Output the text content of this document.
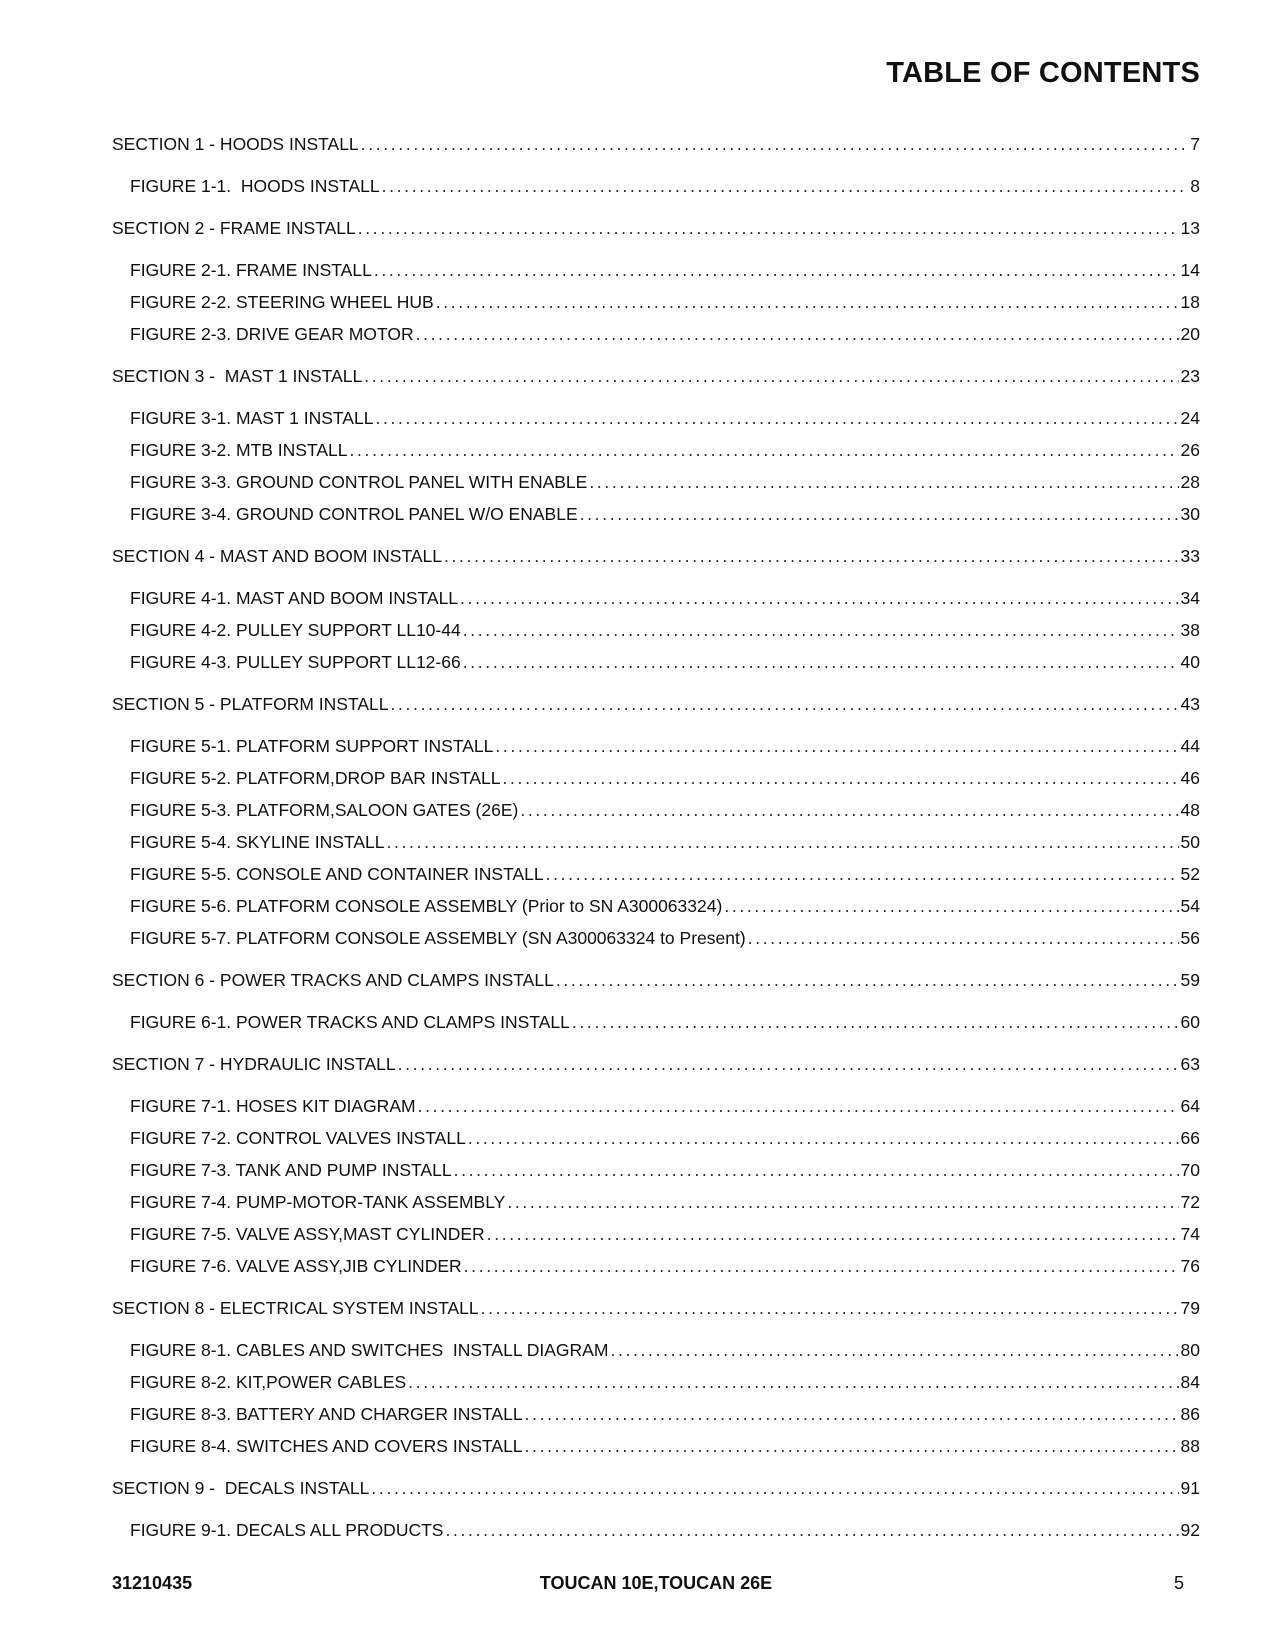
TABLE OF CONTENTS
SECTION 1 - HOODS INSTALL . . .	7
FIGURE 1-1.  HOODS INSTALL . . .	8
SECTION 2 - FRAME INSTALL . . .	13
FIGURE 2-1. FRAME INSTALL . . .	14
FIGURE 2-2. STEERING WHEEL HUB . . .	18
FIGURE 2-3. DRIVE GEAR MOTOR . . .	20
SECTION 3 -  MAST 1 INSTALL . . .	23
FIGURE 3-1. MAST 1 INSTALL . . .	24
FIGURE 3-2. MTB INSTALL . . .	26
FIGURE 3-3. GROUND CONTROL PANEL WITH ENABLE . . .	28
FIGURE 3-4. GROUND CONTROL PANEL W/O ENABLE . . .	30
SECTION 4 - MAST AND BOOM INSTALL . . .	33
FIGURE 4-1. MAST AND BOOM INSTALL . . .	34
FIGURE 4-2. PULLEY SUPPORT LL10-44 . . .	38
FIGURE 4-3. PULLEY SUPPORT LL12-66 . . .	40
SECTION 5 - PLATFORM INSTALL . . .	43
FIGURE 5-1. PLATFORM SUPPORT INSTALL . . .	44
FIGURE 5-2. PLATFORM,DROP BAR INSTALL . . .	46
FIGURE 5-3. PLATFORM,SALOON GATES (26E) . . .	48
FIGURE 5-4. SKYLINE INSTALL . . .	50
FIGURE 5-5. CONSOLE AND CONTAINER INSTALL . . .	52
FIGURE 5-6. PLATFORM CONSOLE ASSEMBLY (Prior to SN A300063324) . . .	54
FIGURE 5-7. PLATFORM CONSOLE ASSEMBLY (SN A300063324 to Present) . . .	56
SECTION 6 - POWER TRACKS AND CLAMPS INSTALL . . .	59
FIGURE 6-1. POWER TRACKS AND CLAMPS INSTALL . . .	60
SECTION 7 - HYDRAULIC INSTALL . . .	63
FIGURE 7-1. HOSES KIT DIAGRAM . . .	64
FIGURE 7-2. CONTROL VALVES INSTALL . . .	66
FIGURE 7-3. TANK AND PUMP INSTALL . . .	70
FIGURE 7-4. PUMP-MOTOR-TANK ASSEMBLY . . .	72
FIGURE 7-5. VALVE ASSY,MAST CYLINDER . . .	74
FIGURE 7-6. VALVE ASSY,JIB CYLINDER . . .	76
SECTION 8 - ELECTRICAL SYSTEM INSTALL . . .	79
FIGURE 8-1. CABLES AND SWITCHES  INSTALL DIAGRAM . . .	80
FIGURE 8-2. KIT,POWER CABLES . . .	84
FIGURE 8-3. BATTERY AND CHARGER INSTALL . . .	86
FIGURE 8-4. SWITCHES AND COVERS INSTALL . . .	88
SECTION 9 -  DECALS INSTALL . . .	91
FIGURE 9-1. DECALS ALL PRODUCTS . . .	92
31210435	TOUCAN 10E,TOUCAN 26E	5
